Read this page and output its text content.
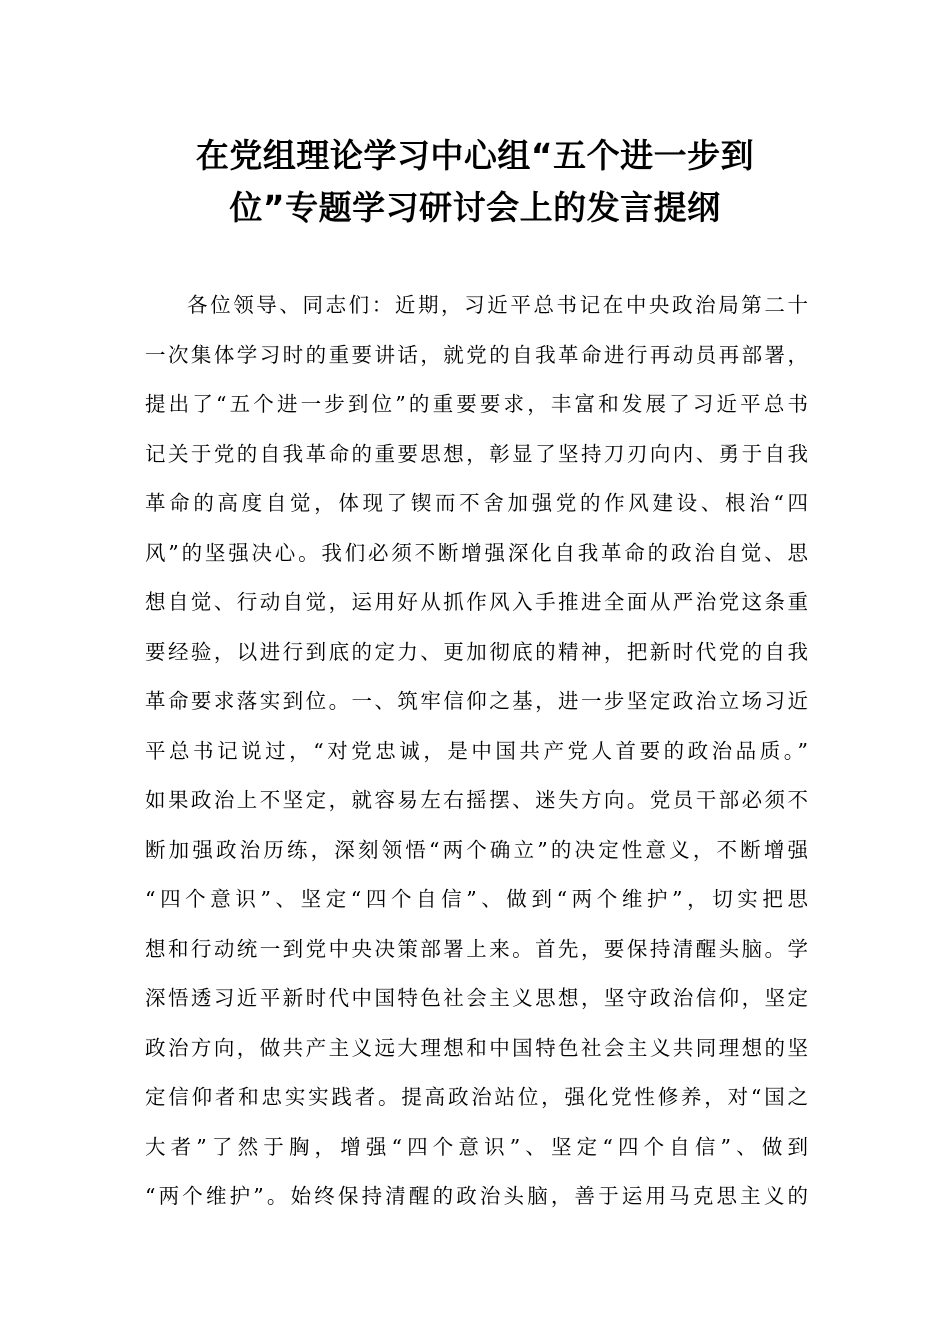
在党组理论学习中心组“五个进一步到
位”专题学习研讨会上的发言提纲
各位领导、同志们：近期，习近平总书记在中央政治局第二十
一次集体学习时的重要讲话，就党的自我革命进行再动员再部署，
提出了“五个进一步到位”的重要要求，丰富和发展了习近平总书
记关于党的自我革命的重要思想，彰显了坚持刀刃向内、勇于自我
革命的高度自觉，体现了锲而不舍加强党的作风建设、根治“四
风”的坚强决心。我们必须不断增强深化自我革命的政治自觉、思
想自觉、行动自觉，运用好从抓作风入手推进全面从严治党这条重
要经验，以进行到底的定力、更加彻底的精神，把新时代党的自我
革命要求落实到位。一、筑牢信仰之基，进一步坚定政治立场习近
平总书记说过，“对党忠诚，是中国共产党人首要的政治品质。”
如果政治上不坚定，就容易左右摇摆、迷失方向。党员干部必须不
断加强政治历练，深刻领悟“两个确立”的决定性意义，不断增强
“四个意识”、坚定“四个自信”、做到“两个维护”，切实把思
想和行动统一到党中央决策部署上来。首先，要保持清醒头脑。学
深悟透习近平新时代中国特色社会主义思想，坚守政治信仰，坚定
政治方向，做共产主义远大理想和中国特色社会主义共同理想的坚
定信仰者和忠实实践者。提高政治站位，强化党性修养，对“国之
大者”了然于胸，增强“四个意识”、坚定“四个自信”、做到
“两个维护”。始终保持清醒的政治头脑，善于运用马克思主义的
